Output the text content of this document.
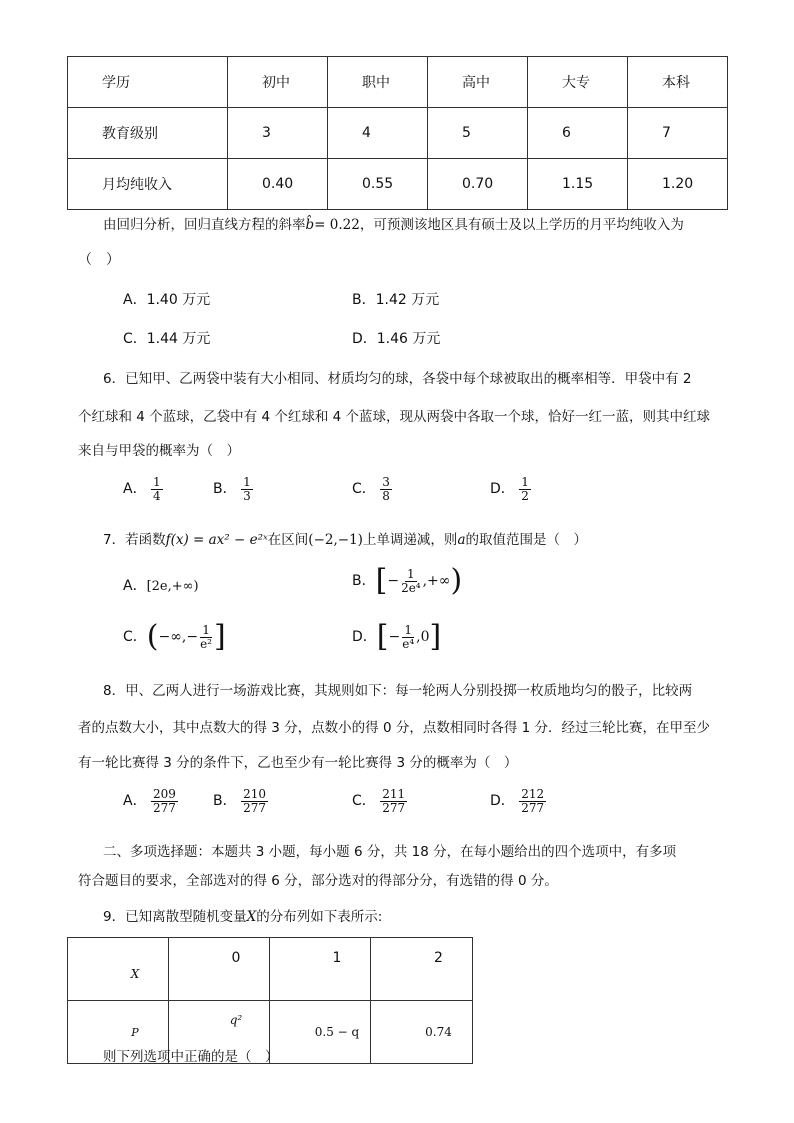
学历	初中	职中	高中	大专	本科
教育级别	3	4	5	6	7
月均纯收入	0.40	0.55	0.70	1.15	1.20
由回归分析，回归直线方程的斜率b̂= 0.22，可预测该地区具有硕士及以上学历的月平均纯收入为
（　）
A．1.40 万元	B．1.42 万元
C．1.44 万元	D．1.46 万元
6．已知甲、乙两袋中装有大小相同、材质均匀的球，各袋中每个球被取出的概率相等．甲袋中有 2
个红球和 4 个蓝球，乙袋中有 4 个红球和 4 个蓝球，现从两袋中各取一个球，恰好一红一蓝，则其中红球
来自与甲袋的概率为（　）
A． $\frac{1}{4}$	B． $\frac{1}{3}$	C． $\frac{3}{8}$	D． $\frac{1}{2}$
7．若函数f(x) = ax² − e²ˣ在区间(−2,−1)上单调递减，则a的取值范围是（　）
A．[2e,+∞)	B．[− $\frac{1}{\text{2e⁴}}$ ,+∞)
C．(−∞,− $\frac{1}{\text{e²}}$ ]	D．[− $\frac{1}{\text{e⁴}} ,0$]
8．甲、乙两人进行一场游戏比赛，其规则如下：每一轮两人分别投掷一枚质地均匀的骰子，比较两
者的点数大小，其中点数大的得 3 分，点数小的得 0 分，点数相同时各得 1 分．经过三轮比赛，在甲至少
有一轮比赛得 3 分的条件下，乙也至少有一轮比赛得 3 分的概率为（　）
A． $\frac{209}{277}$	B． $\frac{210}{277}$	C． $\frac{211}{277}$	D． $\frac{212}{277}$
二、多项选择题：本题共 3 小题，每小题 6 分，共 18 分，在每小题给出的四个选项中，有多项
符合题目的要求，全部选对的得 6 分，部分选对的得部分分，有选错的得 0 分。
9．已知离散型随机变量X的分布列如下表所示:
X	0	1	2
P	q²	0.5 − q	0.74
则下列选项中正确的是（　）
